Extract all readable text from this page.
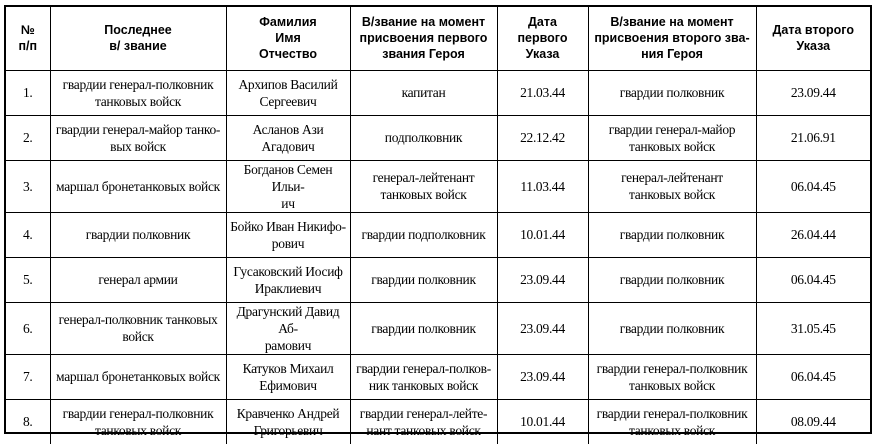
№
п/п	Последнее
в/ звание	Фамилия
Имя
Отчество	В/звание на момент
присвоения первого
звания Героя	Дата
первого
Указа	В/звание на момент
присвоения второго зва-
ния Героя	Дата второго
Указа
1.	гвардии генерал-полковник
танковых войск	Архипов Василий
Сергеевич	капитан	21.03.44	гвардии полковник	23.09.44
2.	гвардии генерал-майор танко-
вых войск	Асланов Ази Агадович	подполковник	22.12.42	гвардии генерал-майор
танковых войск	21.06.91
3.	маршал бронетанковых войск	Богданов Семен Ильи-
ич	генерал-лейтенант
танковых войск	11.03.44	генерал-лейтенант
танковых войск	06.04.45
4.	гвардии полковник	Бойко Иван Никифо-
рович	гвардии подполковник	10.01.44	гвардии полковник	26.04.44
5.	генерал армии	Гусаковский Иосиф
Ираклиевич	гвардии полковник	23.09.44	гвардии полковник	06.04.45
6.	генерал-полковник танковых
войск	Драгунский Давид Аб-
рамович	гвардии полковник	23.09.44	гвардии полковник	31.05.45
7.	маршал бронетанковых войск	Катуков Михаил
Ефимович	гвардии генерал-полков-
ник танковых войск	23.09.44	гвардии генерал-полковник
танковых войск	06.04.45
8.	гвардии генерал-полковник
танковых войск	Кравченко Андрей
Григорьевич	гвардии генерал-лейте-
нант танковых войск	10.01.44	гвардии генерал-полковник
танковых войск	08.09.44
